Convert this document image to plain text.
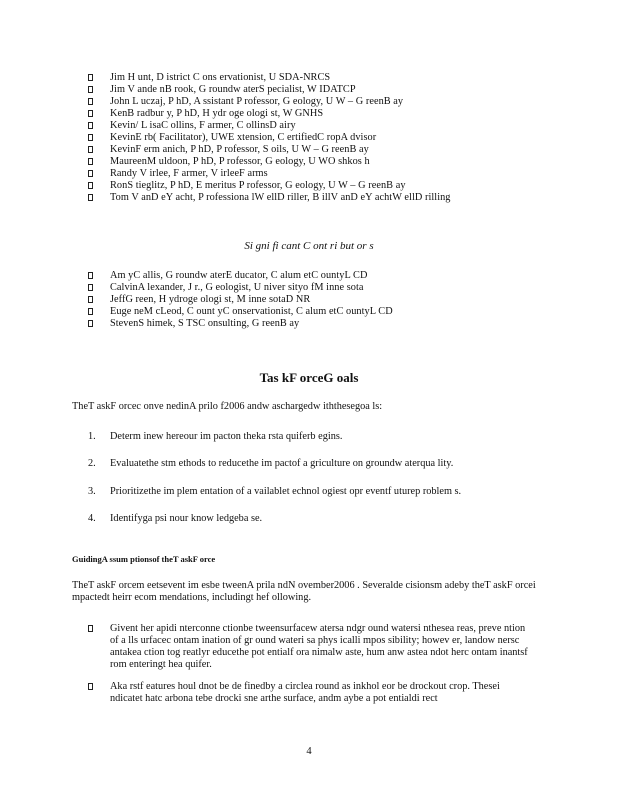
Jim H unt, D istrict C ons ervationist, U SDA-NRCS
Jim V ande nB rook, G roundw aterS pecialist, W IDATCP
John L uczaj, P hD, A ssistant P rofessor, G eology, U W – G reenB ay
KenB radbur y, P hD, H ydr oge ologi st, W GNHS
Kevin/ L isaC ollins, F armer, C ollinsD airy
KevinE rb( Facilitator), UWE xtension, C ertifiedC ropA dvisor
KevinF erm anich, P hD, P rofessor, S oils, U W – G reenB ay
MaureenM uldoon, P hD, P rofessor, G eology, U WO shkos h
Randy V irlee, F armer, V irleeF arms
RonS tieglitz, P hD, E meritus P rofessor, G eology, U W – G reenB ay
Tom V anD eY acht, P rofessiona lW ellD riller, B illV anD eY achtW ellD rilling
Si gni fi cant C ont ri but or s
Am yC allis, G roundw aterE ducator, C alum etC ountyL CD
CalvinA lexander, J r., G eologist, U niver sityo fM inne sota
JeffG reen, H ydroge ologi st, M inne sotaD NR
Euge neM cLeod, C ount yC onservationist, C alum etC ountyL CD
StevenS himek, S TSC onsulting, G reenB ay
Tas kF orceG oals

TheT askF orcec onve nedinA prilo f2006 andw aschargedw iththesegoa ls:

1. Determ inew hereour im pacton theka rsta quiferb egins.
2. Evaluatethe stm ethods to reducethe im pactof a griculture on groundw aterqua lity.
3. Prioritizethe im plem entation of a vailablet echnol ogiest opr eventf uturep roblem s.
4. Identifyga psi nour know ledgeba se.
GuidingA ssum ptionsof theT askF orce

TheT askF orcem eetsevent im esbe tweenA prila ndN ovember2006 . Severalde cisionsm adeby theT askF orcei mpactedt heirr ecom mendations, includingt hef ollowing.

Givent her apidi nterconne ctionbe tweensurfacew atersa ndgr ound watersi nthesea reas, preve ntion of a lls urfacec ontam ination of gr ound wateri sa phys icalli mpos sibility; howev er, landow nersc antakea ction tog reatlyr educethe pot entialf ora nimalw aste, hum anw astea ndot herc ontam inantsf rom enteringt hea quifer.
Aka rstf eatures houl dnot be de finedby a circlea round as inkhol eor be drockout crop. Thesei ndicatet hatc arbona tebe drocki sne arthe surface, andm aybe a pot entialdi rect
4
